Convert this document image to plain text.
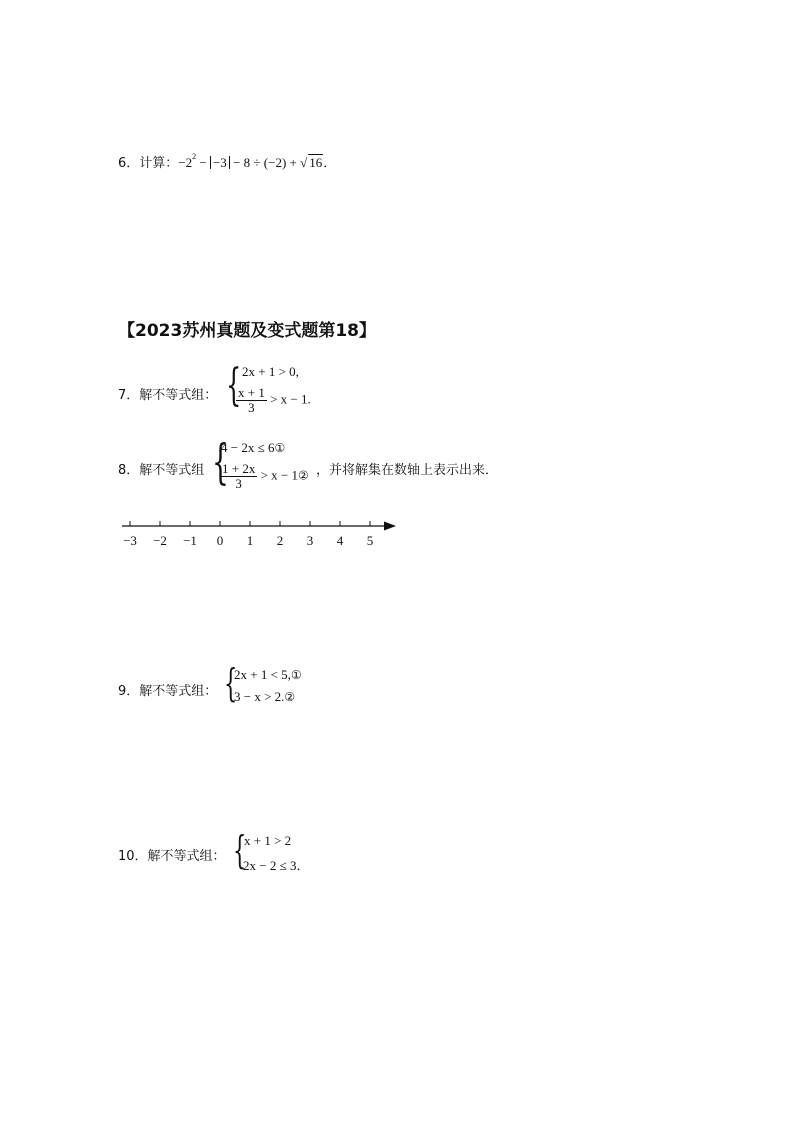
6．计算：$-2^2 - -3 - 8 \div (-2)$ + √ 16．
【2023苏州真题及变式题第18】
7．解不等式组： { 2x + 1 > 0,
$\frac{x + 1}{3} > x - 1$.
8．解不等式组 {
4 − 2x ≤ 6①
$\frac{1 + 2x}{3} > x$ − 1② ，并将解集在数轴上表示出来．
−3 −2 −1 0 1 2 3 4 5
9．解不等式组： {
2x + 1 < 5,①
3 − x > 2.②
10．解不等式组： {
x + 1 > 2
2x − 2 ≤ 3．
